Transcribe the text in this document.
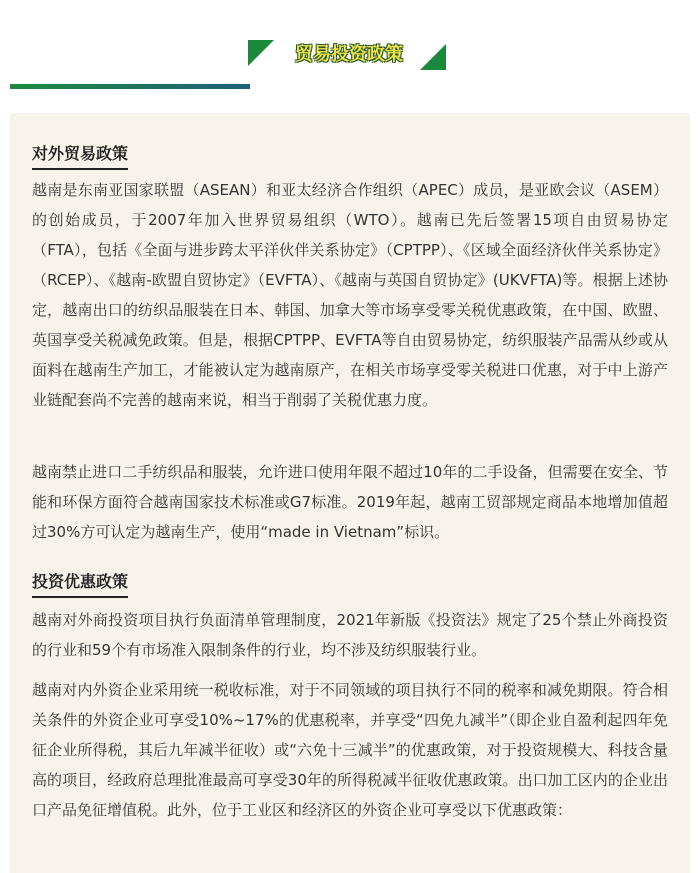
贸易投资政策
对外贸易政策

越南是东南亚国家联盟（ASEAN）和亚太经济合作组织（APEC）成员，是亚欧会议（ASEM）的创始成员，于2007年加入世界贸易组织（WTO）。越南已先后签署15项自由贸易协定（FTA），包括《全面与进步跨太平洋伙伴关系协定》（CPTPP）、《区域全面经济伙伴关系协定》（RCEP）、《越南-欧盟自贸协定》（EVFTA）、《越南与英国自贸协定》(UKVFTA)等。根据上述协定，越南出口的纺织品服装在日本、韩国、加拿大等市场享受零关税优惠政策，在中国、欧盟、英国享受关税减免政策。但是，根据CPTPP、EVFTA等自由贸易协定，纺织服装产品需从纱或从面料在越南生产加工，才能被认定为越南原产，在相关市场享受零关税进口优惠，对于中上游产业链配套尚不完善的越南来说，相当于削弱了关税优惠力度。

越南禁止进口二手纺织品和服装，允许进口使用年限不超过10年的二手设备，但需要在安全、节能和环保方面符合越南国家技术标准或G7标准。2019年起，越南工贸部规定商品本地增加值超过30%方可认定为越南生产，使用“made in Vietnam”标识。

投资优惠政策

越南对外商投资项目执行负面清单管理制度，2021年新版《投资法》规定了25个禁止外商投资的行业和59个有市场准入限制条件的行业，均不涉及纺织服装行业。

越南对内外资企业采用统一税收标准，对于不同领域的项目执行不同的税率和减免期限。符合相关条件的外资企业可享受10%~17%的优惠税率，并享受“四免九减半”（即企业自盈利起四年免征企业所得税，其后九年减半征收）或“六免十三减半”的优惠政策，对于投资规模大、科技含量高的项目，经政府总理批准最高可享受30年的所得税减半征收优惠政策。出口加工区内的企业出口产品免征增值税。此外，位于工业区和经济区的外资企业可享受以下优惠政策：
